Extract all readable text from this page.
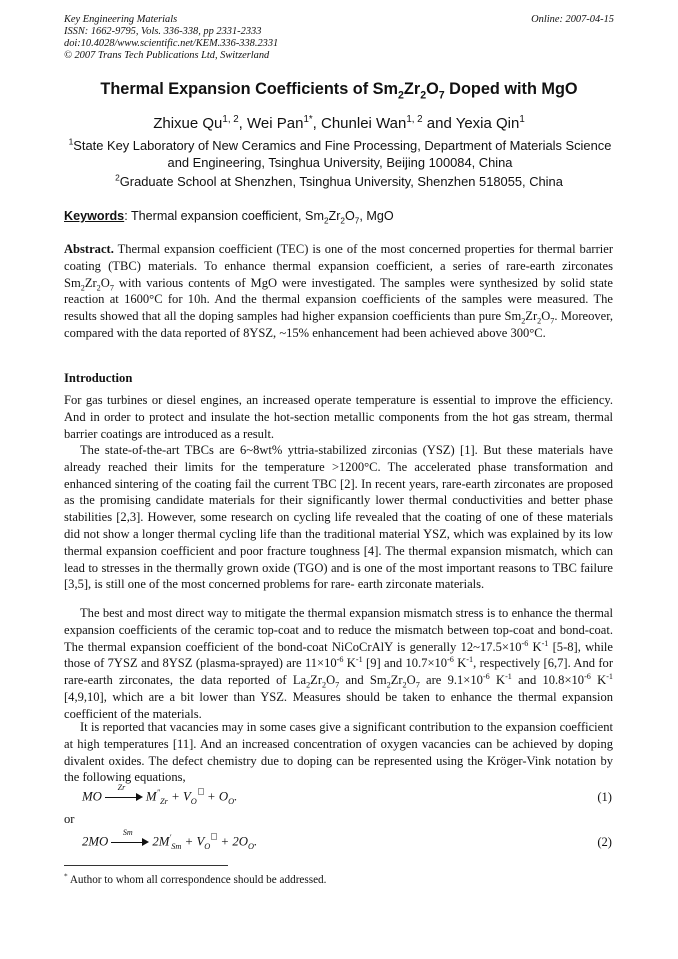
Key Engineering Materials
ISSN: 1662-9795, Vols. 336-338, pp 2331-2333
doi:10.4028/www.scientific.net/KEM.336-338.2331
© 2007 Trans Tech Publications Ltd, Switzerland
Online: 2007-04-15
Thermal Expansion Coefficients of $Sm_2Zr_2O_7$ Doped with MgO
Zhixue Qu$^{1, 2}$, Wei Pan$^{1*}$, Chunlei Wan$^{1, 2}$ and Yexia Qin$^1$
$^1$State Key Laboratory of New Ceramics and Fine Processing, Department of Materials Science and Engineering, Tsinghua University, Beijing 100084, China
$^2$Graduate School at Shenzhen, Tsinghua University, Shenzhen 518055, China
Keywords: Thermal expansion coefficient, $Sm_2Zr_2O_7$, MgO
Abstract. Thermal expansion coefficient (TEC) is one of the most concerned properties for thermal barrier coating (TBC) materials. To enhance thermal expansion coefficient, a series of rare-earth zirconates $Sm_2Zr_2O_7$ with various contents of MgO were investigated. The samples were synthesized by solid state reaction at 1600°C for 10h. And the thermal expansion coefficients of the samples were measured. The results showed that all the doping samples had higher expansion coefficients than pure $Sm_2Zr_2O_7$. Moreover, compared with the data reported of 8YSZ, ~15% enhancement had been achieved above 300°C.
Introduction
For gas turbines or diesel engines, an increased operate temperature is essential to improve the efficiency. And in order to protect and insulate the hot-section metallic components from the hot gas stream, thermal barrier coatings are introduced as a result.
The state-of-the-art TBCs are 6~8wt% yttria-stabilized zirconias (YSZ) [1]. But these materials have already reached their limits for the temperature >1200°C. The accelerated phase transformation and enhanced sintering of the coating fail the current TBC [2]. In recent years, rare-earth zirconates are proposed as the promising candidate materials for their significantly lower thermal conductivities and better phase stabilities [2,3]. However, some research on cycling life revealed that the coating of one of these materials did not show a longer thermal cycling life than the traditional material YSZ, which was explained by its low thermal expansion coefficient and poor fracture toughness [4]. The thermal expansion mismatch, which can lead to stresses in the thermally grown oxide (TGO) and is one of the most important reasons to TBC failure [3,5], is still one of the most concerned problems for rare- earth zirconate materials.
The best and most direct way to mitigate the thermal expansion mismatch stress is to enhance the thermal expansion coefficients of the ceramic top-coat and to reduce the mismatch between top-coat and bond-coat. The thermal expansion coefficient of the bond-coat NiCoCrAlY is generally $12\sim 17.5\times 10^{-6}$ $K^{-1}$ [5-8], while those of 7YSZ and 8YSZ (plasma-sprayed) are $11\times 10^{-6}$ $K^{-1}$ [9] and $10.7\times 10^{-6}$ $K^{-1}$, respectively [6,7]. And for rare-earth zirconates, the data reported of $La_2Zr_2O_7$ and $Sm_2Zr_2O_7$ are $9.1\times 10^{-6}$ $K^{-1}$ and $10.8\times 10^{-6}$ $K^{-1}$ [4,9,10], which are a bit lower than YSZ. Measures should be taken to enhance the thermal expansion coefficient of the materials.
It is reported that vacancies may in some cases give a significant contribution to the expansion coefficient at high temperatures [11]. And an increased concentration of oxygen vacancies can be achieved by doping divalent oxides. The defect chemistry due to doping can be represented using the Kröger-Vink notation by the following equations,
MO
Zr
$M''_{Zr} + V_O + O_O$.	(1)
or
2MO
Sm
$2M'_{Sm} + V_O + 2O_O$.	(2)
* Author to whom all correspondence should be addressed.
